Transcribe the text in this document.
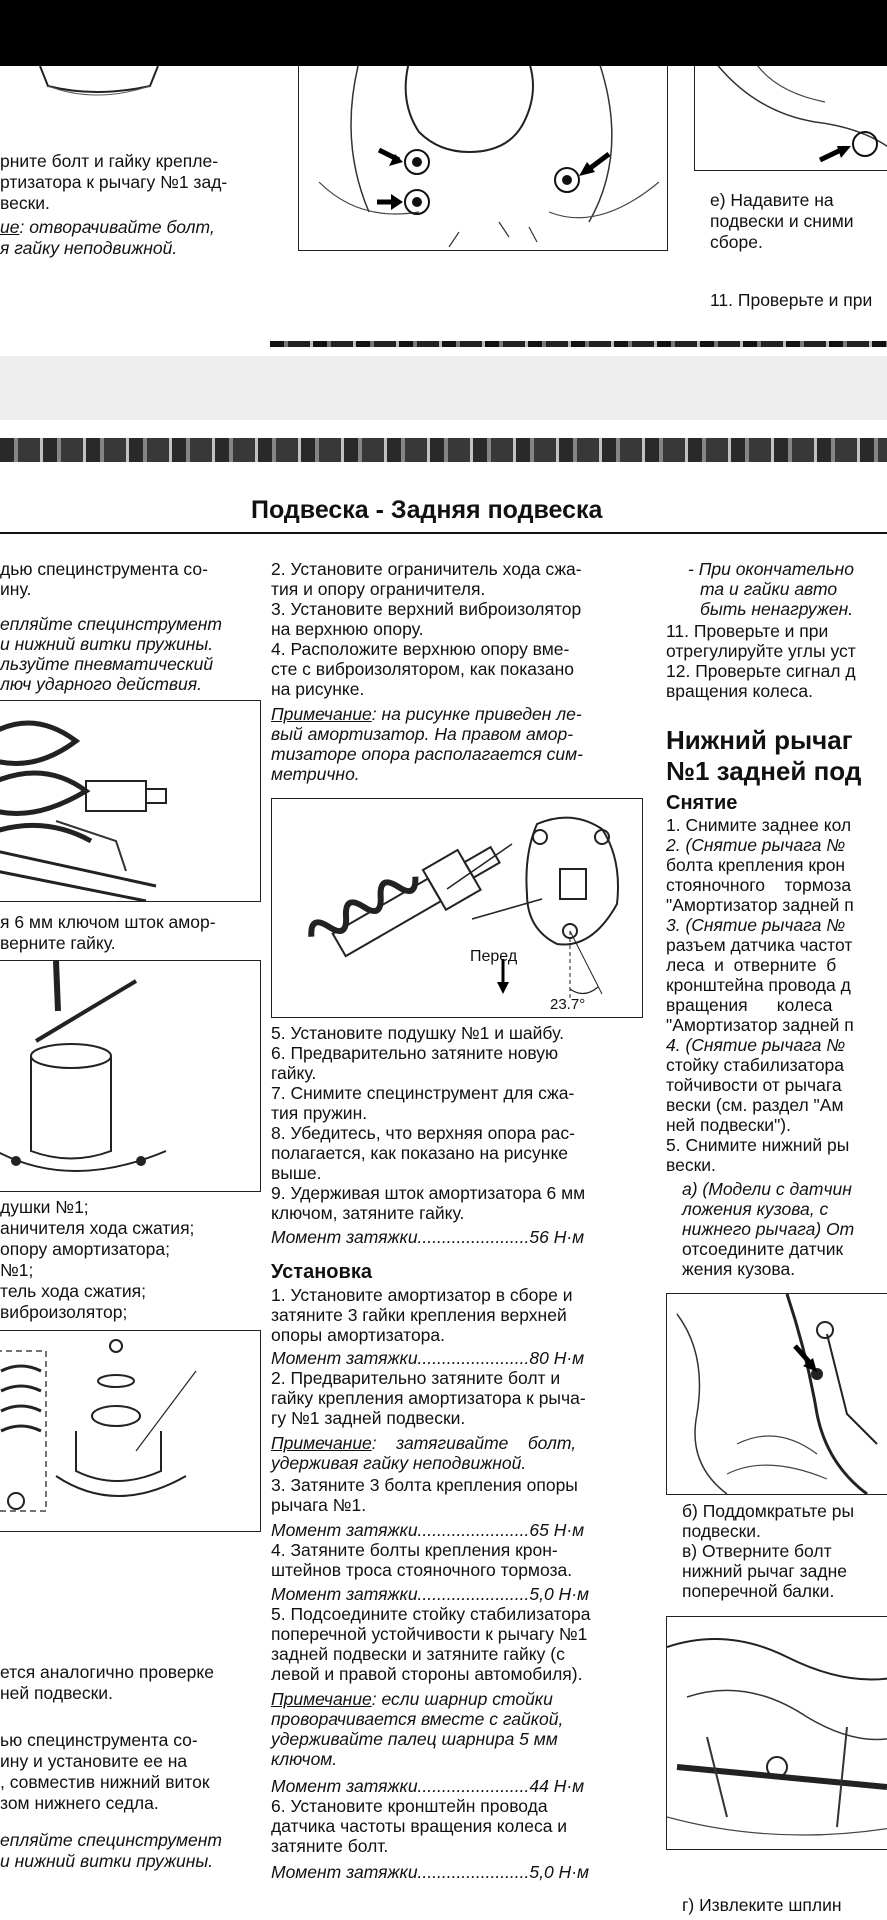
рните болт и гайку крепле-
ртизатора к рычагу №1 зад-
вески.
ие: отворачивайте болт,
я гайку неподвижной.
е) Надавите на
подвески и сними
сборе.
11. Проверьте и при
Подвеска - Задняя подвеска
дью специнструмента со-
ину.
епляйте специнструмент
и нижний витки пружины.
льзуйте пневматический
люч ударного действия.
я 6 мм ключом шток амор-
верните гайку.
душки №1;
аничителя хода сжатия;
опору амортизатора;
№1;
тель хода сжатия;
виброизолятор;
ется аналогично проверке
ней подвески.
ью специнструмента со-
ину и установите ее на
, совместив нижний виток
зом нижнего седла.
епляйте специнструмент
и нижний витки пружины.
2. Установите ограничитель хода сжа-
тия и опору ограничителя.
3. Установите верхний виброизолятор
на верхнюю опору.
4. Расположите верхнюю опору вме-
сте с виброизолятором, как показано
на рисунке.
Примечание: на рисунке приведен ле-
вый амортизатор. На правом амор-
тизаторе опора располагается сим-
метрично.
Перед
23.7°
5. Установите подушку №1 и шайбу.
6. Предварительно затяните новую
гайку.
7. Снимите специнструмент для сжа-
тия пружин.
8. Убедитесь, что верхняя опора рас-
полагается, как показано на рисунке
выше.
9. Удерживая шток амортизатора 6 мм
ключом, затяните гайку.
Момент затяжки.......................56 Н·м
Установка
1. Установите амортизатор в сборе и
затяните 3 гайки крепления верхней
опоры амортизатора.
Момент затяжки.......................80 Н·м
2. Предварительно затяните болт и
гайку крепления амортизатора к рыча-
гу №1 задней подвески.
Примечание:    затягивайте    болт,
удерживая гайку неподвижной.
3. Затяните 3 болта крепления опоры
рычага №1.
Момент затяжки.......................65 Н·м
4. Затяните болты крепления крон-
штейнов троса стояночного тормоза.
Момент затяжки.......................5,0 Н·м
5. Подсоедините стойку стабилизатора
поперечной устойчивости к рычагу №1
задней подвески и затяните гайку (с
левой и правой стороны автомобиля).
Примечание: если шарнир стойки
проворачивается вместе с гайкой,
удерживайте палец шарнира 5 мм
ключом.
Момент затяжки.......................44 Н·м
6. Установите кронштейн провода
датчика частоты вращения колеса и
затяните болт.
Момент затяжки.......................5,0 Н·м
- При окончательно
та и гайки авто
быть ненагружен.
11. Проверьте и при
отрегулируйте углы уст
12. Проверьте сигнал д
вращения колеса.
Нижний рычаг
№1 задней под
Снятие
1. Снимите заднее кол
2. (Снятие рычага №
болта крепления крон
стояночного    тормоза
"Амортизатор задней п
3. (Снятие рычага №
разъем датчика частот
леса  и  отверните  б
кронштейна провода д
вращения      колеса
"Амортизатор задней п
4. (Снятие рычага №
стойку стабилизатора
тойчивости от рычага
вески (см. раздел "Ам
ней подвески").
5. Снимите нижний ры
вески.
а) (Модели с датчин
ложения кузова, с
нижнего рычага) От
отсоедините датчик
жения кузова.
б) Поддомкратьте ры
подвески.
в) Отверните болт
нижний рычаг задне
поперечной балки.
г) Извлеките шплин
